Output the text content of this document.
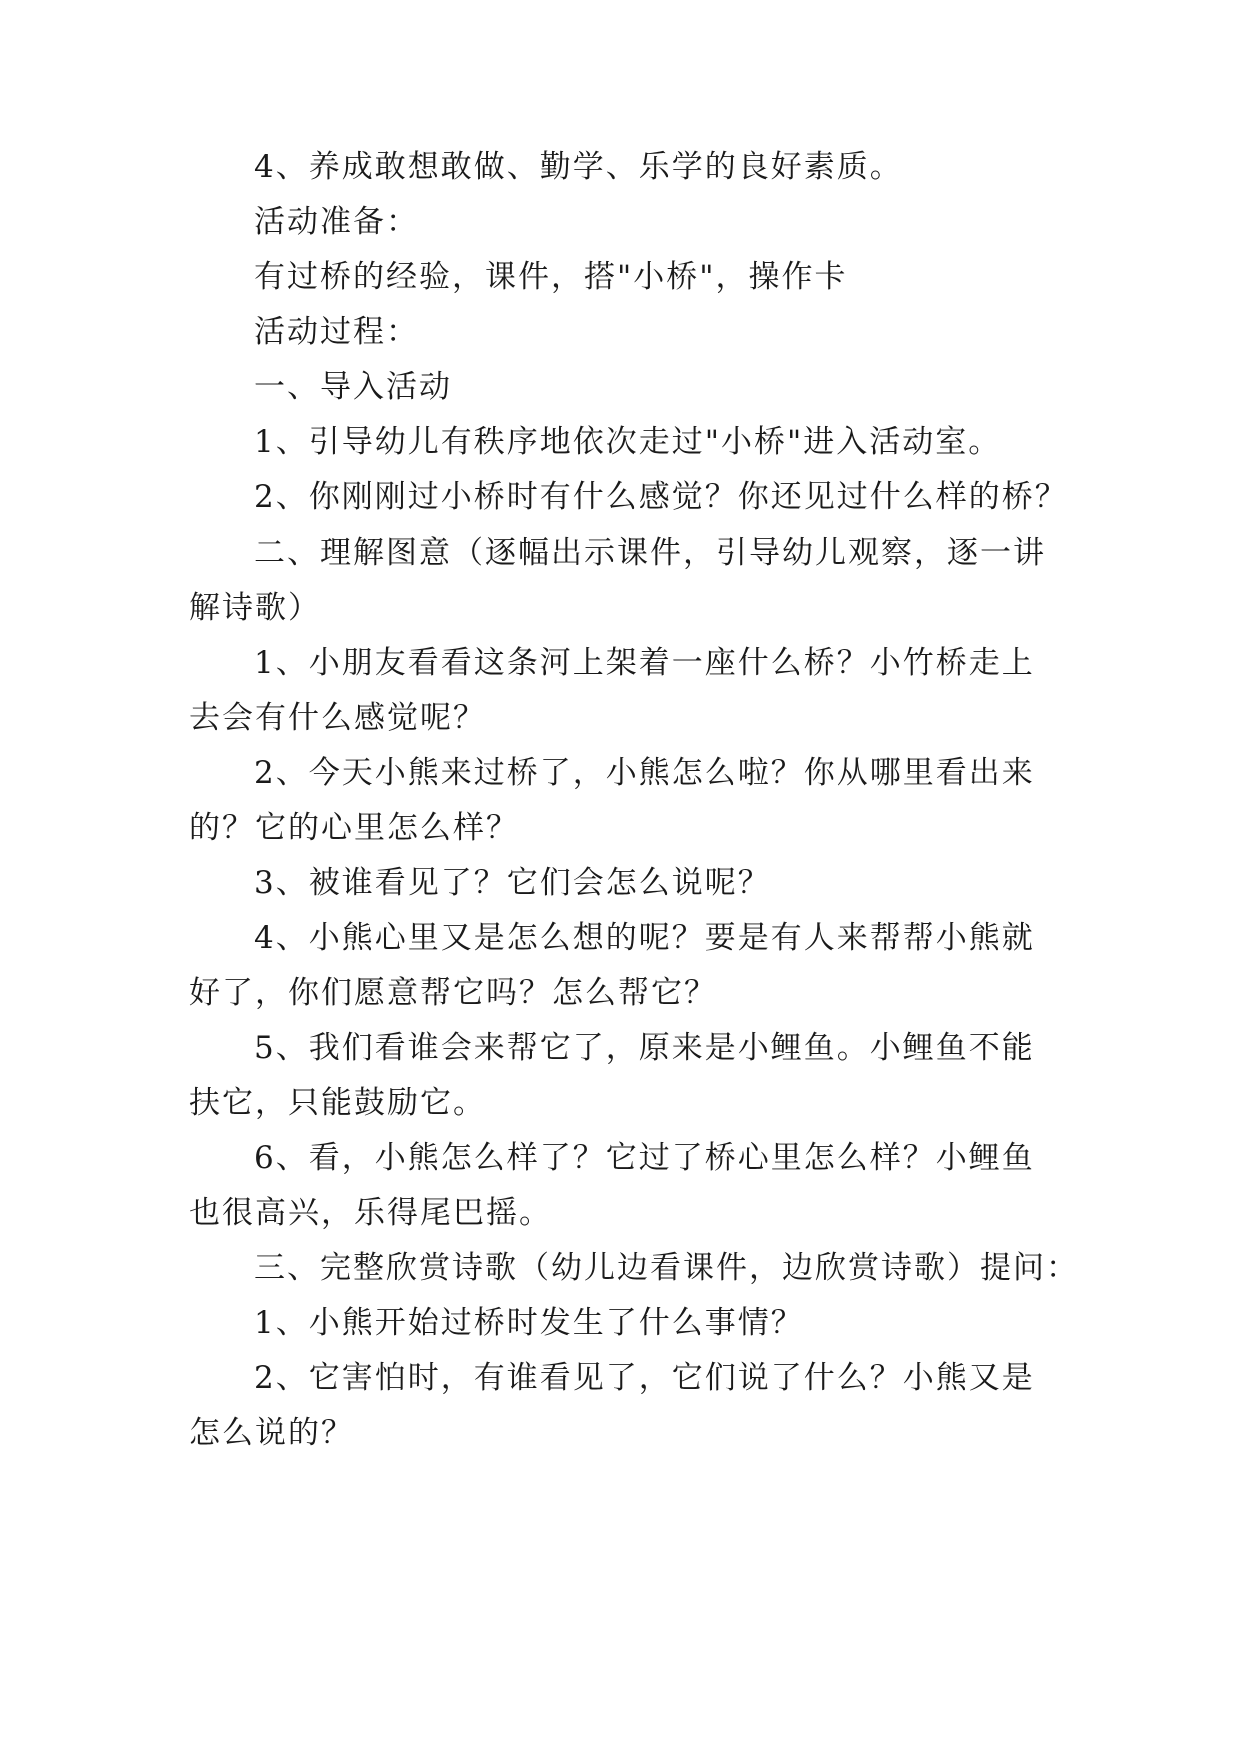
4、养成敢想敢做、勤学、乐学的良好素质。
活动准备：
有过桥的经验，课件，搭"小桥"，操作卡
活动过程：
一、导入活动
1、引导幼儿有秩序地依次走过"小桥"进入活动室。
2、你刚刚过小桥时有什么感觉？你还见过什么样的桥？
二、理解图意（逐幅出示课件，引导幼儿观察，逐一讲
解诗歌）
1、小朋友看看这条河上架着一座什么桥？小竹桥走上
去会有什么感觉呢？
2、今天小熊来过桥了，小熊怎么啦？你从哪里看出来
的？它的心里怎么样？
3、被谁看见了？它们会怎么说呢？
4、小熊心里又是怎么想的呢？要是有人来帮帮小熊就
好了，你们愿意帮它吗？怎么帮它？
5、我们看谁会来帮它了，原来是小鲤鱼。小鲤鱼不能
扶它，只能鼓励它。
6、看，小熊怎么样了？它过了桥心里怎么样？小鲤鱼
也很高兴，乐得尾巴摇。
三、完整欣赏诗歌（幼儿边看课件，边欣赏诗歌）提问：
1、小熊开始过桥时发生了什么事情？
2、它害怕时，有谁看见了，它们说了什么？小熊又是
怎么说的？
